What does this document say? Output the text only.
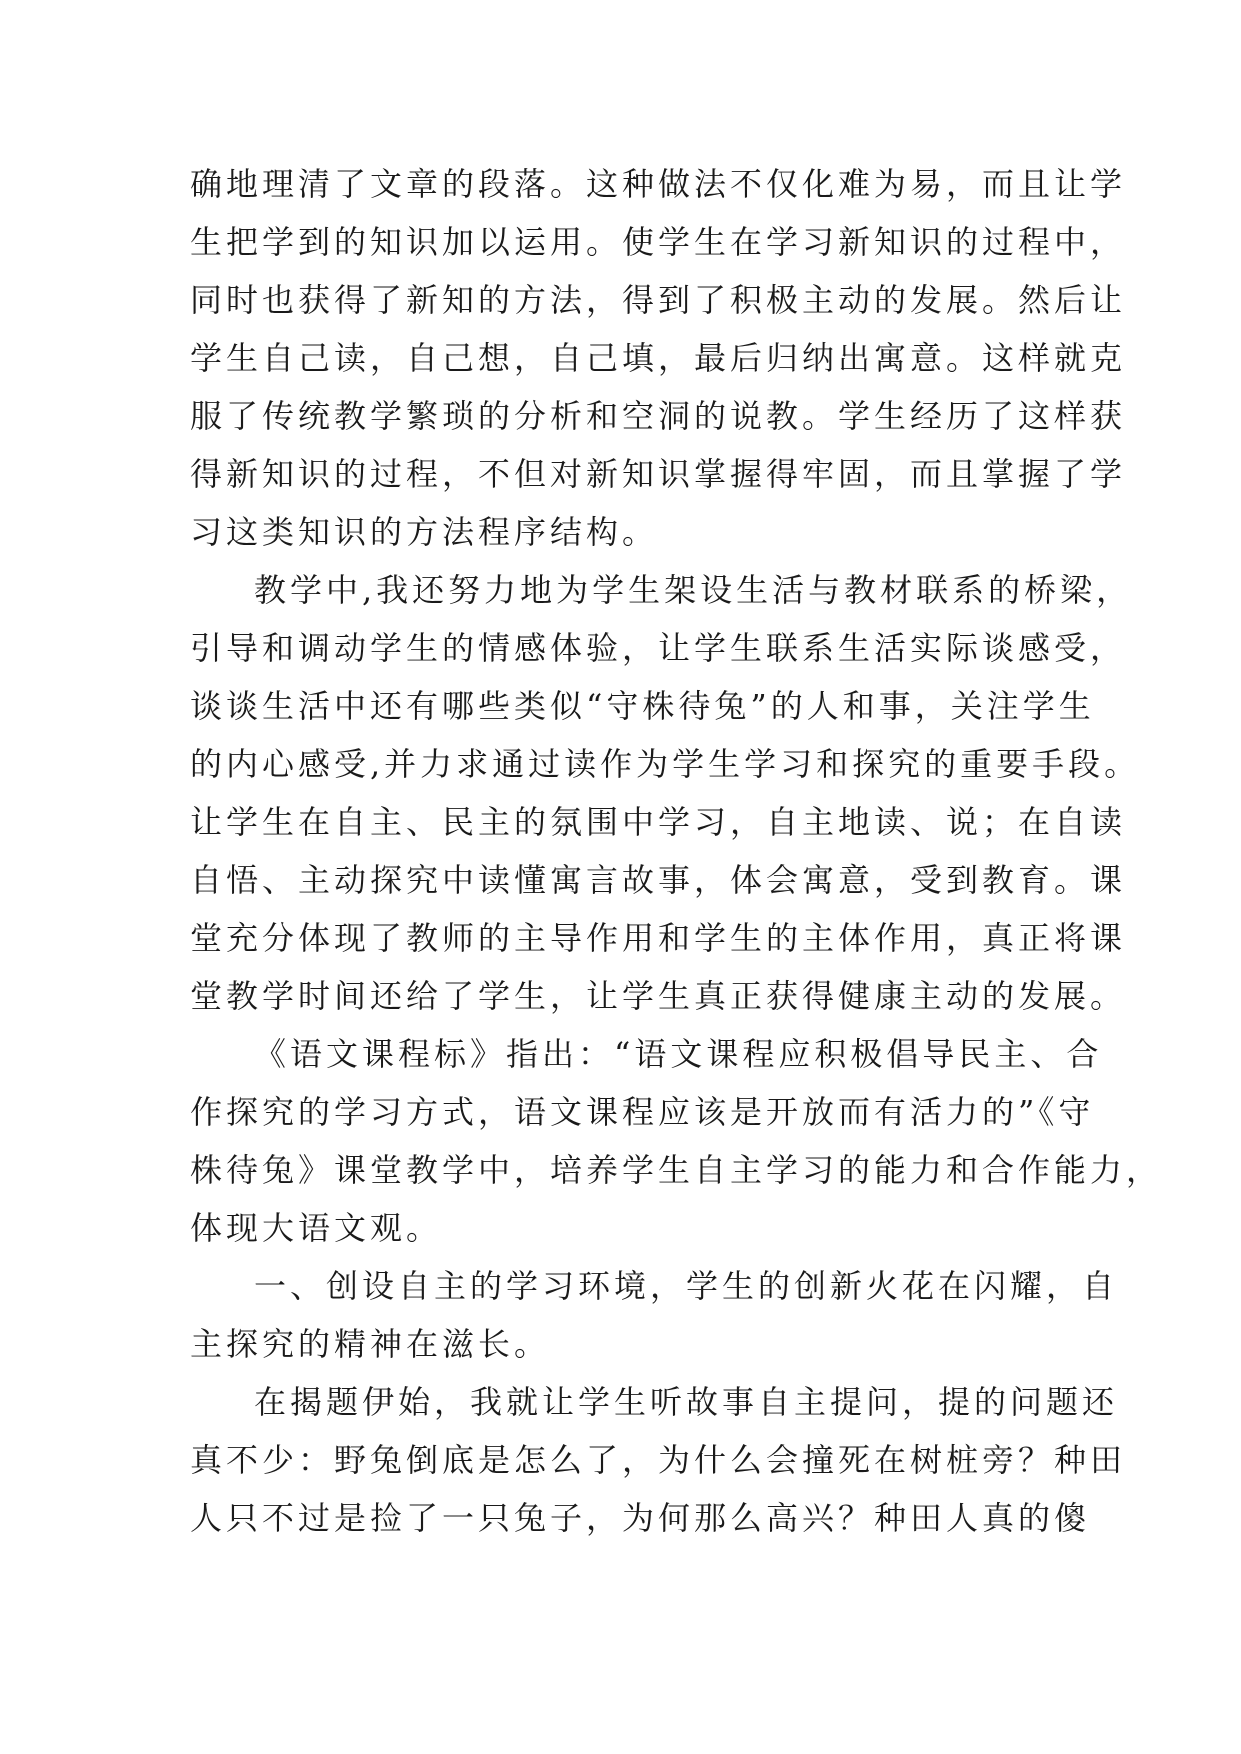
确地理清了文章的段落。这种做法不仅化难为易，而且让学
生把学到的知识加以运用。使学生在学习新知识的过程中，
同时也获得了新知的方法，得到了积极主动的发展。然后让
学生自己读，自己想，自己填，最后归纳出寓意。这样就克
服了传统教学繁琐的分析和空洞的说教。学生经历了这样获
得新知识的过程，不但对新知识掌握得牢固，而且掌握了学
习这类知识的方法程序结构。
教学中,我还努力地为学生架设生活与教材联系的桥梁，
引导和调动学生的情感体验，让学生联系生活实际谈感受，
谈谈生活中还有哪些类似“守株待兔”的人和事，关注学生
的内心感受,并力求通过读作为学生学习和探究的重要手段。
让学生在自主、民主的氛围中学习，自主地读、说；在自读
自悟、主动探究中读懂寓言故事，体会寓意，受到教育。课
堂充分体现了教师的主导作用和学生的主体作用，真正将课
堂教学时间还给了学生，让学生真正获得健康主动的发展。
《语文课程标》指出：“语文课程应积极倡导民主、合
作探究的学习方式，语文课程应该是开放而有活力的”《守
株待兔》课堂教学中，培养学生自主学习的能力和合作能力，
体现大语文观。
一、创设自主的学习环境，学生的创新火花在闪耀，自
主探究的精神在滋长。
在揭题伊始，我就让学生听故事自主提问，提的问题还
真不少：野兔倒底是怎么了，为什么会撞死在树桩旁？种田
人只不过是捡了一只兔子，为何那么高兴？种田人真的傻
